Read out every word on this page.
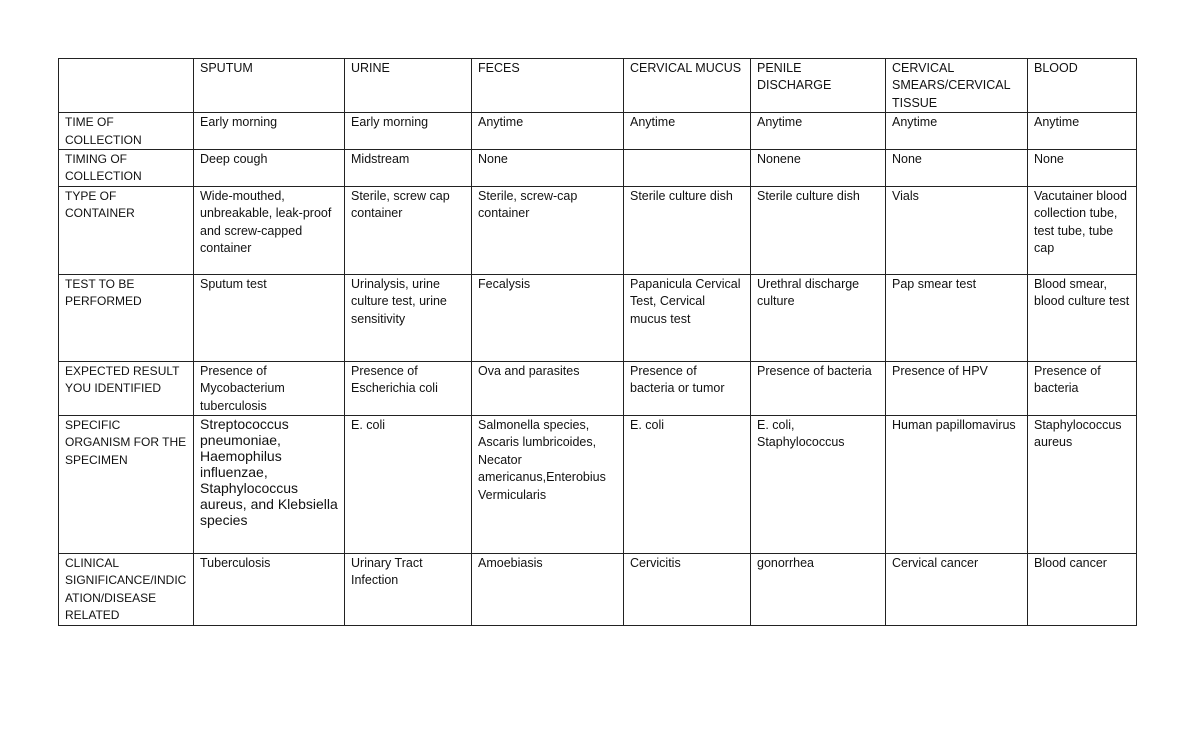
	SPUTUM	URINE	FECES	CERVICAL MUCUS	PENILE DISCHARGE	CERVICAL SMEARS/CERVICAL TISSUE	BLOOD
TIME OF COLLECTION	Early morning	Early morning	Anytime	Anytime	Anytime	Anytime	Anytime
TIMING OF COLLECTION	Deep cough	Midstream	None		Nonene	None	None
TYPE OF CONTAINER	Wide-mouthed, unbreakable, leak-proof and screw-capped container	Sterile, screw cap container	Sterile, screw-cap container	Sterile culture dish	Sterile culture dish	Vials	Vacutainer blood collection tube, test tube, tube cap
TEST TO BE PERFORMED	Sputum test	Urinalysis, urine culture test, urine sensitivity	Fecalysis	Papanicula Cervical Test, Cervical mucus test	Urethral discharge culture	Pap smear test	Blood smear, blood culture test
EXPECTED RESULT YOU IDENTIFIED	Presence of Mycobacterium tuberculosis	Presence of Escherichia coli	Ova and parasites	Presence of bacteria or tumor	Presence of bacteria	Presence of HPV	Presence of bacteria
SPECIFIC ORGANISM FOR THE SPECIMEN	Streptococcus pneumoniae, Haemophilus influenzae, Staphylococcus aureus, and Klebsiella species	E. coli	Salmonella species, Ascaris lumbricoides, Necator americanus,Enterobius Vermicularis	E. coli	E. coli, Staphylococcus	Human papillomavirus	Staphylococcus aureus
CLINICAL SIGNIFICANCE/INDICATION/DISEASE RELATED	Tuberculosis	Urinary Tract Infection	Amoebiasis	Cervicitis	gonorrhea	Cervical cancer	Blood cancer
